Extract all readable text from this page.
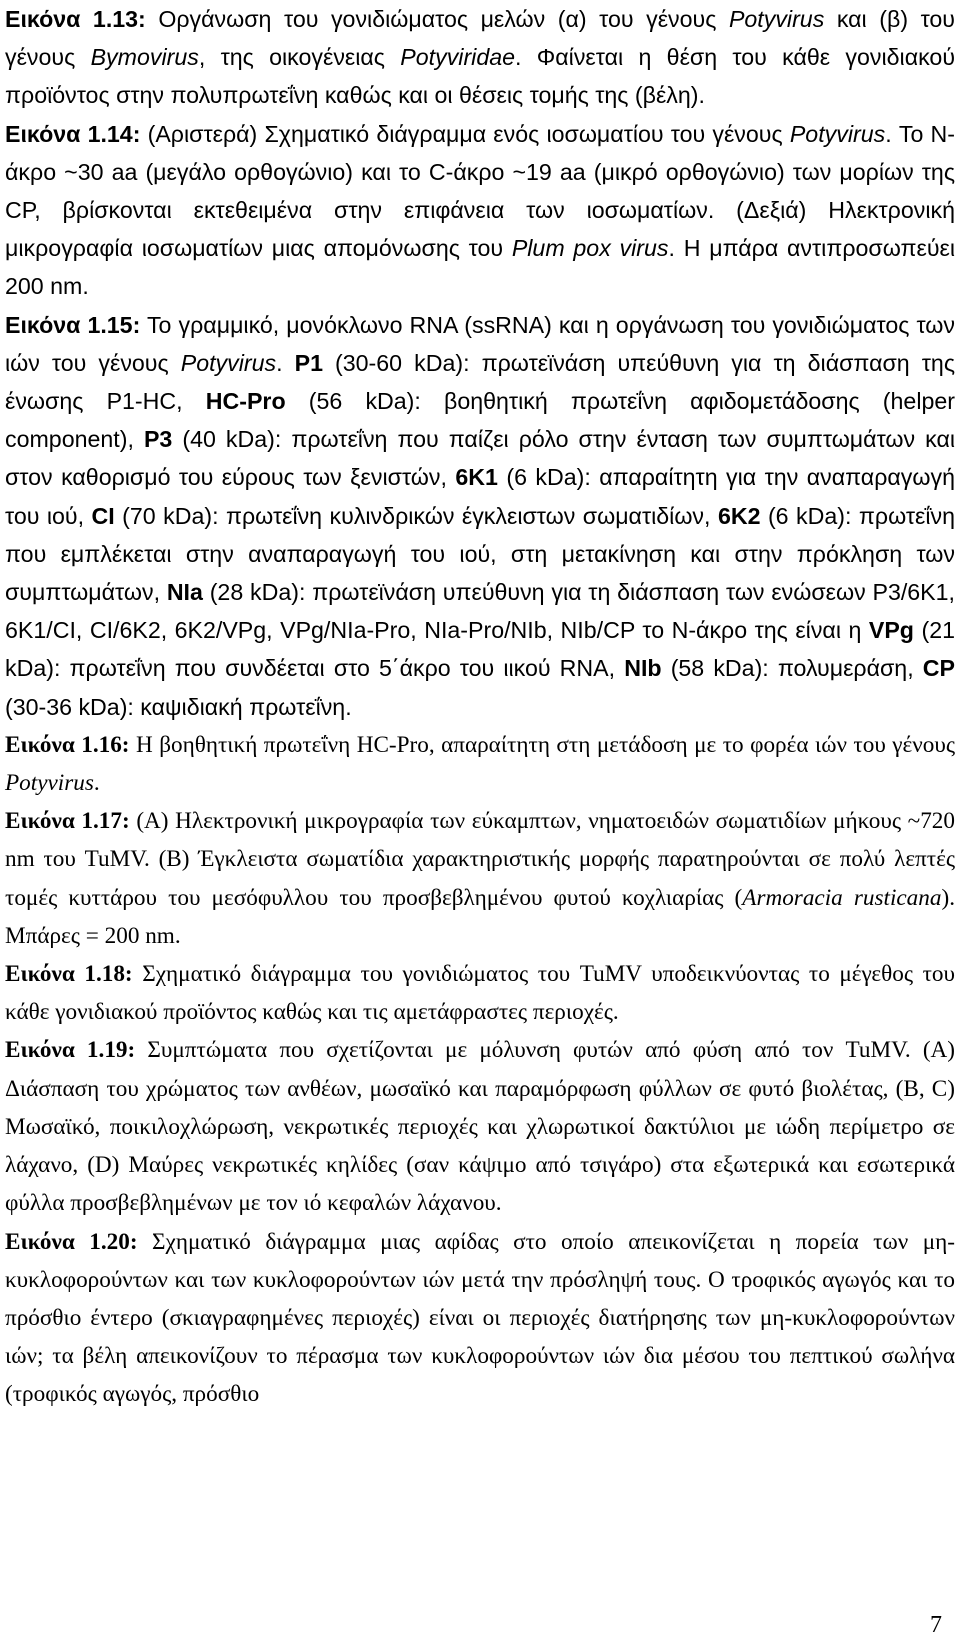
Εικόνα 1.13: Οργάνωση του γονιδιώματος μελών (α) του γένους Potyvirus και (β) του γένους Bymovirus, της οικογένειας Potyviridae. Φαίνεται η θέση του κάθε γονιδιακού προϊόντος στην πολυπρωτεΐνη καθώς και οι θέσεις τομής της (βέλη).

Εικόνα 1.14: (Αριστερά) Σχηματικό διάγραμμα ενός ιοσωματίου του γένους Potyvirus. Το Ν-άκρο ~30 aa (μεγάλο ορθογώνιο) και το C-άκρο ~19 aa (μικρό ορθογώνιο) των μορίων της CP, βρίσκονται εκτεθειμένα στην επιφάνεια των ιοσωματίων. (Δεξιά) Ηλεκτρονική μικρογραφία ιοσωματίων μιας απομόνωσης του Plum pox virus. Η μπάρα αντιπροσωπεύει 200 nm.

Εικόνα 1.15: Το γραμμικό, μονόκλωνο RNA (ssRNA) και η οργάνωση του γονιδιώματος των ιών του γένους Potyvirus. P1 (30-60 kDa): πρωτεϊνάση υπεύθυνη για τη διάσπαση της ένωσης P1-HC, HC-Pro (56 kDa): βοηθητική πρωτεΐνη αφιδομετάδοσης (helper component), P3 (40 kDa): πρωτεΐνη που παίζει ρόλο στην ένταση των συμπτωμάτων και στον καθορισμό του εύρους των ξενιστών, 6K1 (6 kDa): απαραίτητη για την αναπαραγωγή του ιού, CI (70 kDa): πρωτεΐνη κυλινδρικών έγκλειστων σωματιδίων, 6K2 (6 kDa): πρωτεΐνη που εμπλέκεται στην αναπαραγωγή του ιού, στη μετακίνηση και στην πρόκληση των συμπτωμάτων, NIa (28 kDa): πρωτεϊνάση υπεύθυνη για τη διάσπαση των ενώσεων P3/6K1, 6K1/CI, CI/6K2, 6K2/VPg, VPg/NIa-Pro, NIa-Pro/NIb, NIb/CP το N-άκρο της είναι η VPg (21 kDa): πρωτεΐνη που συνδέεται στο 5΄άκρο του ιικού RNA, NIb (58 kDa): πολυμεράση, CP (30-36 kDa): καψιδιακή πρωτεΐνη.

Εικόνα 1.16: Η βοηθητική πρωτεΐνη HC-Pro, απαραίτητη στη μετάδοση με το φορέα ιών του γένους Potyvirus.

Εικόνα 1.17: (A) Ηλεκτρονική μικρογραφία των εύκαμπτων, νηματοειδών σωματιδίων μήκους ~720 nm του TuMV. (B) Έγκλειστα σωματίδια χαρακτηριστικής μορφής παρατηρούνται σε πολύ λεπτές τομές κυττάρου του μεσόφυλλου του προσβεβλημένου φυτού κοχλιαρίας (Armoracia rusticana). Μπάρες = 200 nm.

Εικόνα 1.18: Σχηματικό διάγραμμα του γονιδιώματος του TuMV υποδεικνύοντας το μέγεθος του κάθε γονιδιακού προϊόντος καθώς και τις αμετάφραστες περιοχές.

Εικόνα 1.19: Συμπτώματα που σχετίζονται με μόλυνση φυτών από φύση από τον TuMV. (A) Διάσπαση του χρώματος των ανθέων, μωσαϊκό και παραμόρφωση φύλλων σε φυτό βιολέτας, (B, C) Μωσαϊκό, ποικιλοχλώρωση, νεκρωτικές περιοχές και χλωρωτικοί δακτύλιοι με ιώδη περίμετρο σε λάχανο, (D) Μαύρες νεκρωτικές κηλίδες (σαν κάψιμο από τσιγάρο) στα εξωτερικά και εσωτερικά φύλλα προσβεβλημένων με τον ιό κεφαλών λάχανου.

Εικόνα 1.20: Σχηματικό διάγραμμα μιας αφίδας στο οποίο απεικονίζεται η πορεία των μη-κυκλοφορούντων και των κυκλοφορούντων ιών μετά την πρόσληψή τους. Ο τροφικός αγωγός και το πρόσθιο έντερο (σκιαγραφημένες περιοχές) είναι οι περιοχές διατήρησης των μη-κυκλοφορούντων ιών; τα βέλη απεικονίζουν το πέρασμα των κυκλοφορούντων ιών δια μέσου του πεπτικού σωλήνα (τροφικός αγωγός, πρόσθιο

7
